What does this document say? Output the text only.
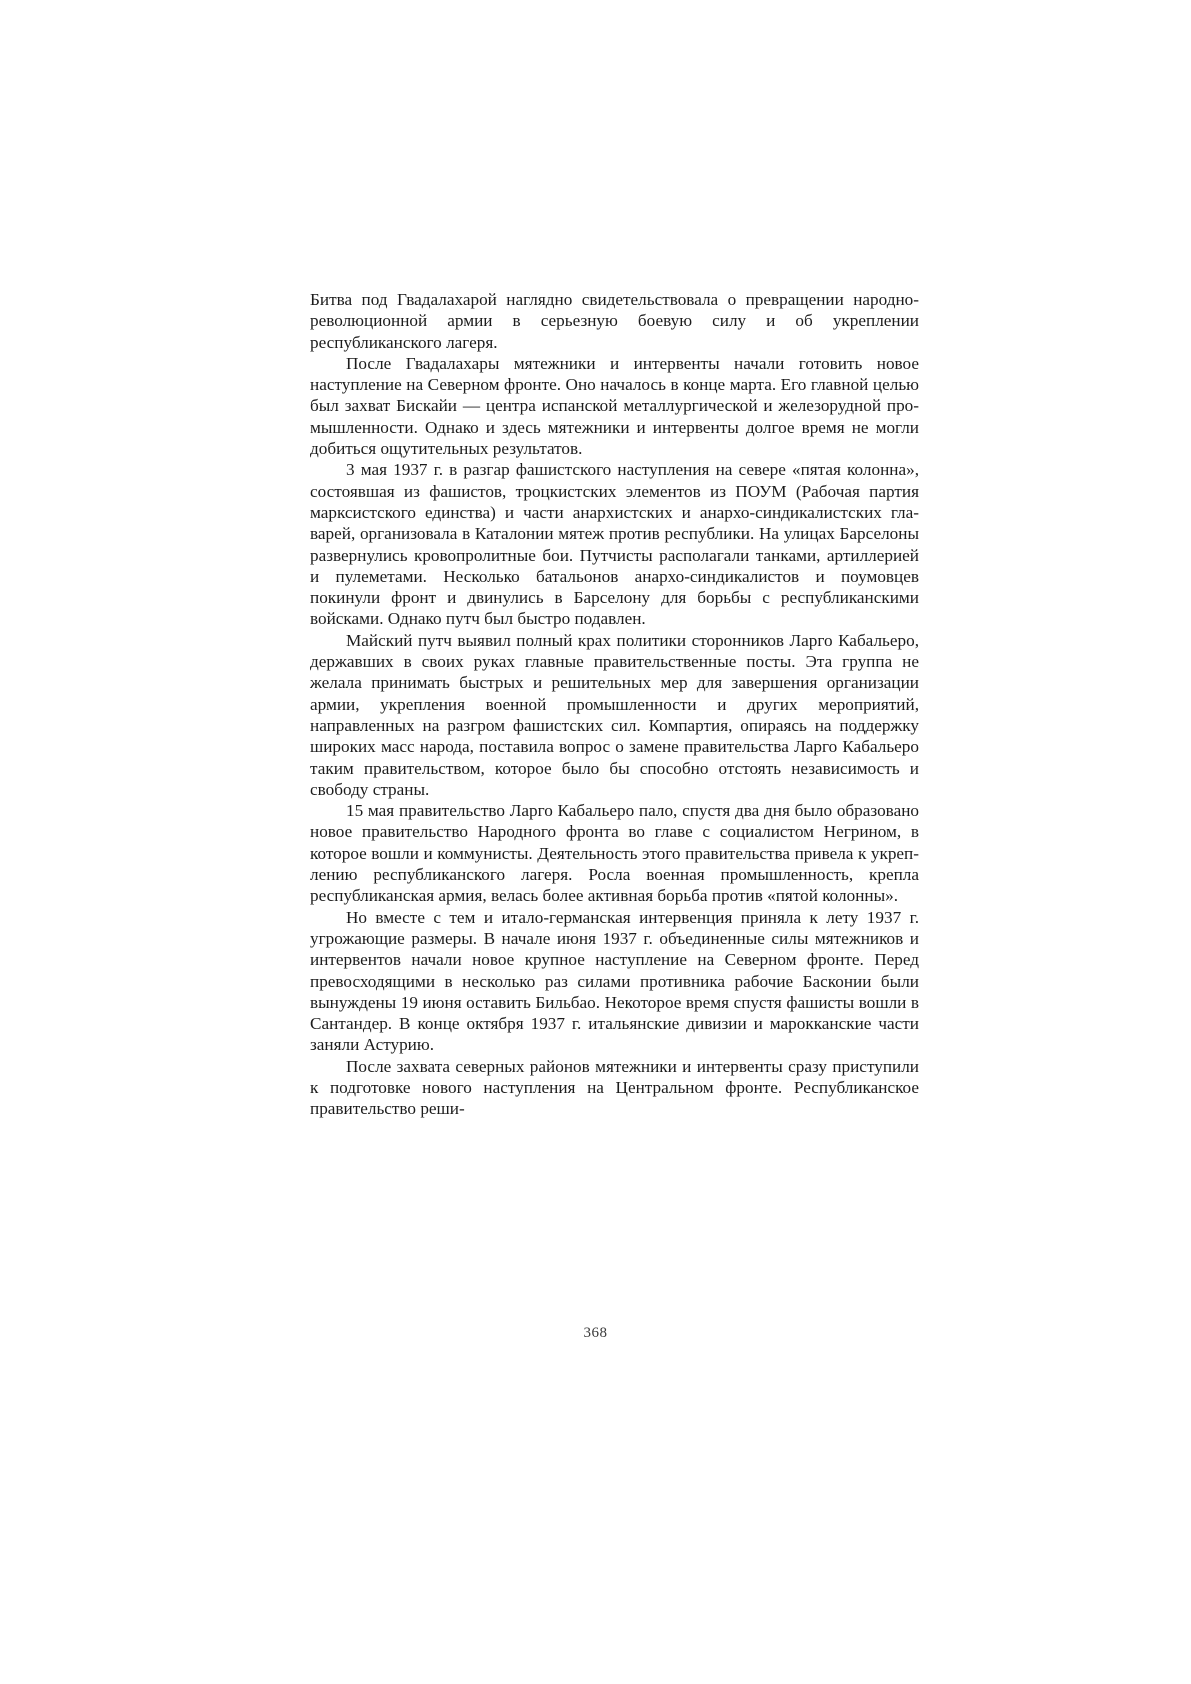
Битва под Гвадалахарой наглядно свидетельствовала о превращении народно-революционной армии в серьезную боевую силу и об укреплении республиканского лагеря.

После Гвадалахары мятежники и интервенты начали готовить новое наступление на Северном фронте. Оно началось в конце марта. Его главной целью был захват Бискайи — центра испанской металлургической и железорудной промышленности. Однако и здесь мятежники и интервенты долгое время не могли добиться ощутительных результатов.

3 мая 1937 г. в разгар фашистского наступления на севере «пятая колонна», состоявшая из фашистов, троцкистских элементов из ПОУМ (Рабочая партия марксистского единства) и части анархистских и анархо-синдикалистских главарей, организовала в Каталонии мятеж против республики. На улицах Барселоны развернулись кровопролитные бои. Путчисты располагали танками, артиллерией и пулеметами. Несколько батальонов анархо-синдикалистов и поумовцев покинули фронт и двинулись в Барселону для борьбы с республиканскими войсками. Однако путч был быстро подавлен.

Майский путч выявил полный крах политики сторонников Ларго Кабальеро, державших в своих руках главные правительственные посты. Эта группа не желала принимать быстрых и решительных мер для завершения организации армии, укрепления военной промышленности и других мероприятий, направленных на разгром фашистских сил. Компартия, опираясь на поддержку широких масс народа, поставила вопрос о замене правительства Ларго Кабальеро таким правительством, которое было бы способно отстоять независимость и свободу страны.

15 мая правительство Ларго Кабальеро пало, спустя два дня было образовано новое правительство Народного фронта во главе с социалистом Негрином, в которое вошли и коммунисты. Деятельность этого правительства привела к укреплению республиканского лагеря. Росла военная промышленность, крепла республиканская армия, велась более активная борьба против «пятой колонны».

Но вместе с тем и итало-германская интервенция приняла к лету 1937 г. угрожающие размеры. В начале июня 1937 г. объединенные силы мятежников и интервентов начали новое крупное наступление на Северном фронте. Перед превосходящими в несколько раз силами противника рабочие Басконии были вынуждены 19 июня оставить Бильбао. Некоторое время спустя фашисты вошли в Сантандер. В конце октября 1937 г. итальянские дивизии и марокканские части заняли Астурию.

После захвата северных районов мятежники и интервенты сразу приступили к подготовке нового наступления на Центральном фронте. Республиканское правительство реши-

368
